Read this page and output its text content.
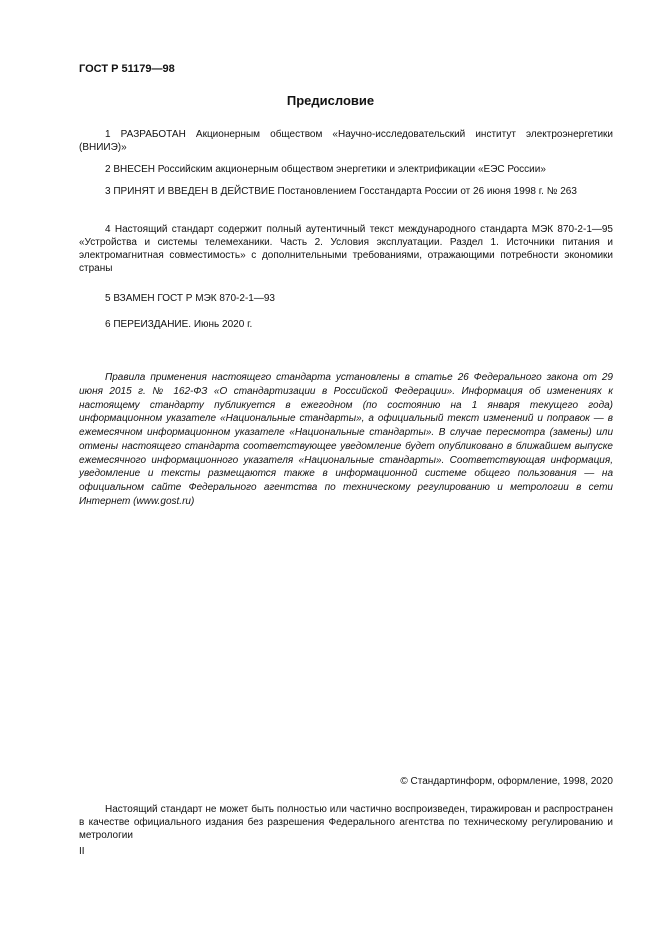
ГОСТ Р 51179—98
Предисловие

1 РАЗРАБОТАН Акционерным обществом «Научно-исследовательский институт электроэнергетики (ВНИИЭ)»

2 ВНЕСЕН Российским акционерным обществом энергетики и электрификации «ЕЭС России»

3 ПРИНЯТ И ВВЕДЕН В ДЕЙСТВИЕ Постановлением Госстандарта России от 26 июня 1998 г. № 263

4 Настоящий стандарт содержит полный аутентичный текст международного стандарта МЭК 870-2-1—95 «Устройства и системы телемеханики. Часть 2. Условия эксплуатации. Раздел 1. Источники питания и электромагнитная совместимость» с дополнительными требованиями, отражающими потребности экономики страны

5 ВЗАМЕН ГОСТ Р МЭК 870-2-1—93

6 ПЕРЕИЗДАНИЕ. Июнь 2020 г.

Правила применения настоящего стандарта установлены в статье 26 Федерального закона от 29 июня 2015 г. № 162-ФЗ «О стандартизации в Российской Федерации». Информация об изменениях к настоящему стандарту публикуется в ежегодном (по состоянию на 1 января текущего года) информационном указателе «Национальные стандарты», а официальный текст изменений и поправок — в ежемесячном информационном указателе «Национальные стандарты». В случае пересмотра (замены) или отмены настоящего стандарта соответствующее уведомление будет опубликовано в ближайшем выпуске ежемесячного информационного указателя «Национальные стандарты». Соответствующая информация, уведомление и тексты размещаются также в информационной системе общего пользования — на официальном сайте Федерального агентства по техническому регулированию и метрологии в сети Интернет (www.gost.ru)

© Стандартинформ, оформление, 1998, 2020

Настоящий стандарт не может быть полностью или частично воспроизведен, тиражирован и распространен в качестве официального издания без разрешения Федерального агентства по техническому регулированию и метрологии

II
